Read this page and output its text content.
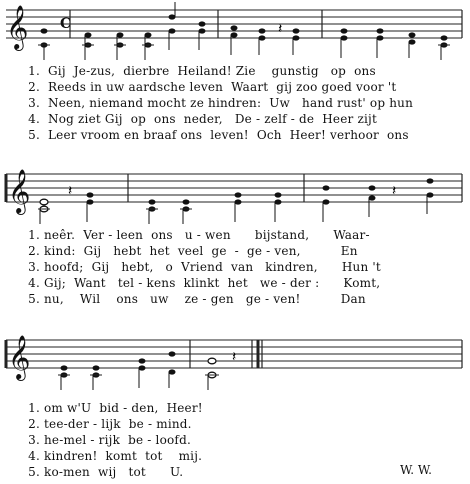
𝄞 C	𝄽
1. Gij  Je-zus,  dierbre  Heiland! Zie    gunstig   op  ons
2. Reeds in uw aardsche leven  Waart  gij zoo goed voor 't
3. Neen, niemand mocht ze hindren:  Uw   hand rust' op hun
4. Nog ziet Gij  op  ons  neder,   De - zelf - de  Heer zijt
5. Leer vroom en braaf ons  leven!  Och  Heer! verhoor  ons
𝄞	𝄽	𝄽
1. neêr.  Ver - leen  ons   u - wen      bijstand,      Waar-
2. kind:  Gij   hebt  het  veel  ge  -  ge - ven,          En
3. hoofd;  Gij   hebt,   o  Vriend  van   kindren,      Hun 't
4. Gij;  Want   tel - kens  klinkt  het   we - der :      Komt,
5. nu,    Wil    ons   uw    ze - gen   ge - ven!          Dan
𝄞	𝄽
1. om w'U  bid - den,  Heer!
2. tee-der - lijk  be - mind.
3. he-mel - rijk  be - loofd.
4. kindren!  komt  tot    mij.
5. ko-men  wij   tot      U.	W. W.
